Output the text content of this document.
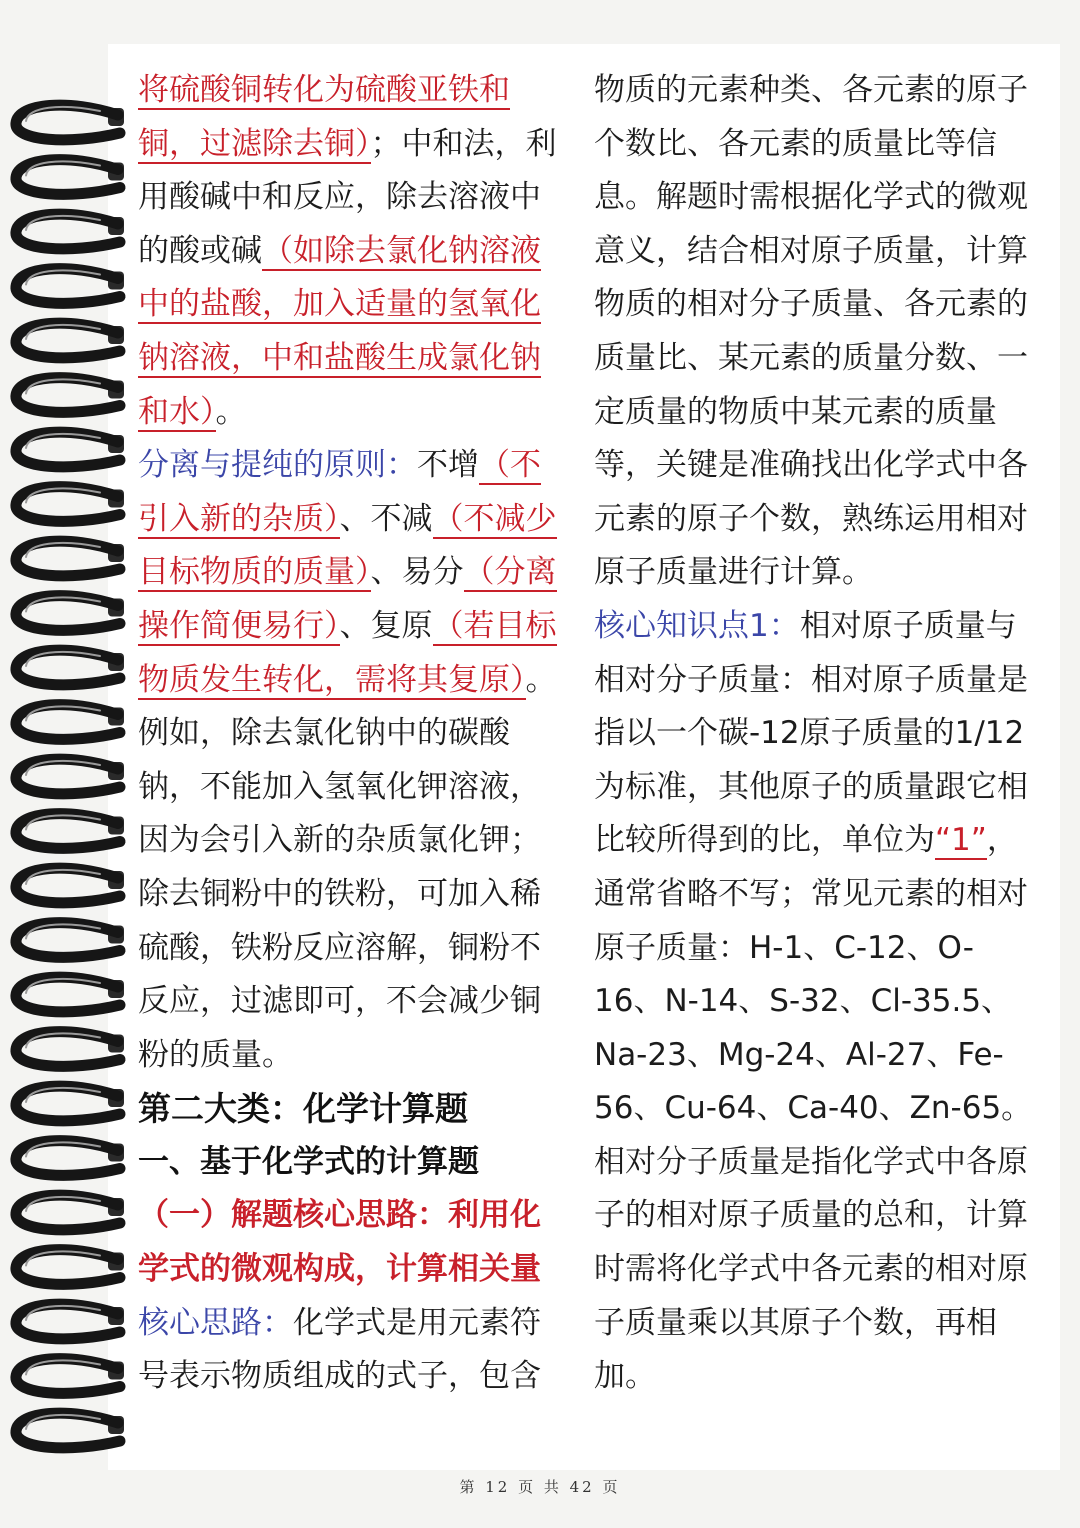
将硫酸铜转化为硫酸亚铁和铜，过滤除去铜）；中和法，利用酸碱中和反应，除去溶液中的酸或碱（如除去氯化钠溶液中的盐酸，加入适量的氢氧化钠溶液，中和盐酸生成氯化钠和水）。

分离与提纯的原则：不增（不引入新的杂质）、不减（不减少目标物质的质量）、易分（分离操作简便易行）、复原（若目标物质发生转化，需将其复原）。例如，除去氯化钠中的碳酸钠，不能加入氢氧化钾溶液，因为会引入新的杂质氯化钾；除去铜粉中的铁粉，可加入稀硫酸，铁粉反应溶解，铜粉不反应，过滤即可，不会减少铜粉的质量。

第二大类：化学计算题
一、基于化学式的计算题
（一）解题核心思路：利用化学式的微观构成，计算相关量

核心思路：化学式是用元素符号表示物质组成的式子，包含

物质的元素种类、各元素的原子个数比、各元素的质量比等信息。解题时需根据化学式的微观意义，结合相对原子质量，计算物质的相对分子质量、各元素的质量比、某元素的质量分数、一定质量的物质中某元素的质量等，关键是准确找出化学式中各元素的原子个数，熟练运用相对原子质量进行计算。

核心知识点1：相对原子质量与相对分子质量：相对原子质量是指以一个碳-12原子质量的1/12为标准，其他原子的质量跟它相比较所得到的比，单位为“1”，通常省略不写；常见元素的相对原子质量：H-1、C-12、O-16、N-14、S-32、Cl-35.5、Na-23、Mg-24、Al-27、Fe-56、Cu-64、Ca-40、Zn-65。相对分子质量是指化学式中各原子的相对原子质量的总和，计算时需将化学式中各元素的相对原子质量乘以其原子个数，再相加。

第 12 页 共 42 页
